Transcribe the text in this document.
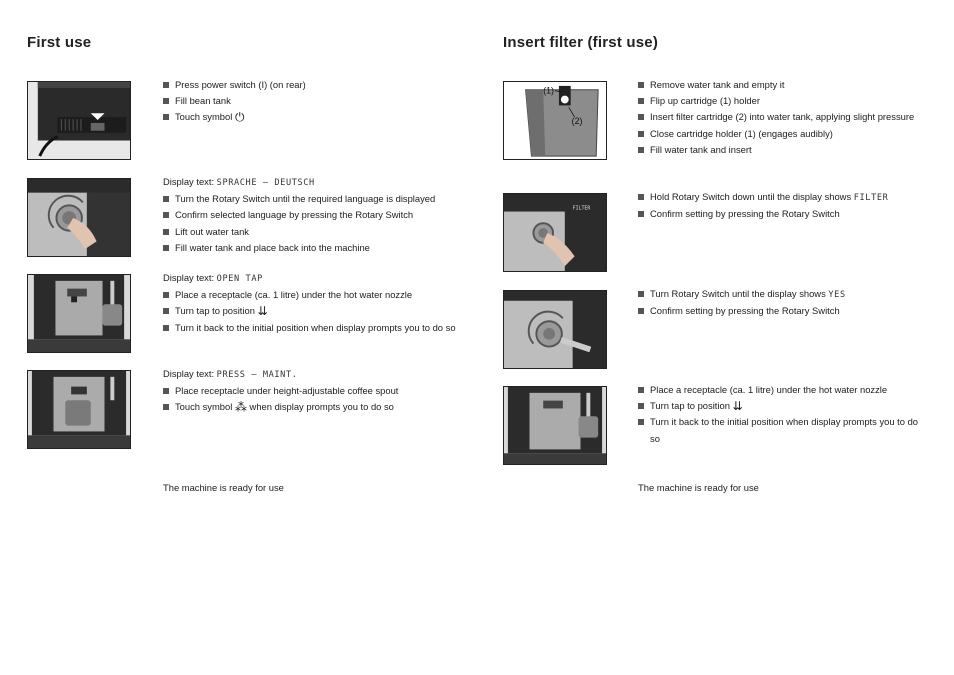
First use
Press power switch (I) (on rear)
Fill bean tank
Touch symbol ⏻
Display text: SPRACHE – DEUTSCH
Turn the Rotary Switch until the required language is displayed
Confirm selected language by pressing the Rotary Switch
Lift out water tank
Fill water tank and place back into the machine
Display text: OPEN TAP
Place a receptacle (ca. 1 litre) under the hot water nozzle
Turn tap to position ⇊
Turn it back to the initial position when display prompts you to do so
Display text: PRESS – MAINT.
Place receptacle under height-adjustable coffee spout
Touch symbol ⁂ when display prompts you to do so
The machine is ready for use
Insert filter (first use)
(1)
(2)
Remove water tank and empty it
Flip up cartridge (1) holder
Insert filter cartridge (2) into water tank, applying slight pressure
Close cartridge holder (1) (engages audibly)
Fill water tank and insert
FILTER
Hold Rotary Switch down until the display shows FILTER
Confirm setting by pressing the Rotary Switch
Turn Rotary Switch until the display shows YES
Confirm setting by pressing the Rotary Switch
Place a receptacle (ca. 1 litre) under the hot water nozzle
Turn tap to position ⇊
Turn it back to the initial position when display prompts you to do so
The machine is ready for use
